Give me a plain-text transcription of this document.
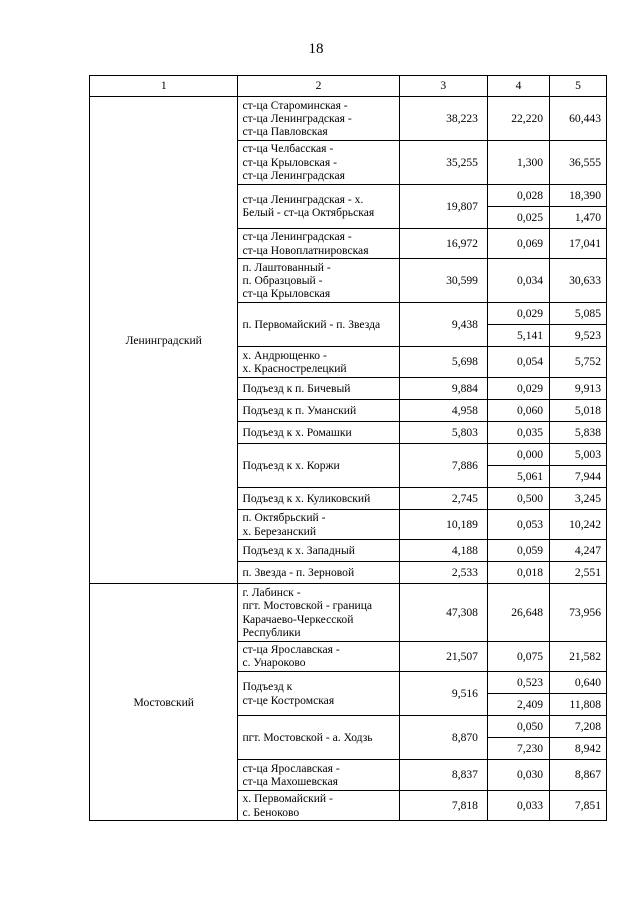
18
1	2	3	4	5
Ленинградский	ст-ца Староминская -
ст-ца Ленинградская -
ст-ца Павловская	38,223	22,220	60,443

	ст-ца Челбасская -
ст-ца Крыловская -
ст-ца Ленинградская	35,255	1,300	36,555

	ст-ца Ленинградская - х.
Белый - ст-ца Октябрьская	19,807	0,028	18,390
			0,025	1,470

	ст-ца Ленинградская -
ст-ца Новоплатнировская	16,972	0,069	17,041

	п. Лаштованный -
п. Образцовый -
ст-ца Крыловская	30,599	0,034	30,633

	п. Первомайский - п. Звезда	9,438	0,029	5,085
			5,141	9,523

	х. Андрющенко -
х. Краснострелецкий	5,698	0,054	5,752

	Подъезд к п. Бичевый	9,884	0,029	9,913

	Подъезд к п. Уманский	4,958	0,060	5,018

	Подъезд к х. Ромашки	5,803	0,035	5,838

	Подъезд к х. Коржи	7,886	0,000	5,003
			5,061	7,944

	Подъезд к х. Куликовский	2,745	0,500	3,245

	п. Октябрьский -
х. Березанский	10,189	0,053	10,242

	Подъезд к х. Западный	4,188	0,059	4,247

	п. Звезда - п. Зерновой	2,533	0,018	2,551
Мостовский	г. Лабинск -
пгт. Мостовской - граница
Карачаево-Черкесской
Республики	47,308	26,648	73,956

	ст-ца Ярославская -
с. Унароково	21,507	0,075	21,582

	Подъезд к
ст-це Костромская	9,516	0,523	0,640
			2,409	11,808

	пгт. Мостовской - а. Ходзь	8,870	0,050	7,208
			7,230	8,942

	ст-ца Ярославская -
ст-ца Махошевская	8,837	0,030	8,867

	х. Первомайский -
с. Беноково	7,818	0,033	7,851
